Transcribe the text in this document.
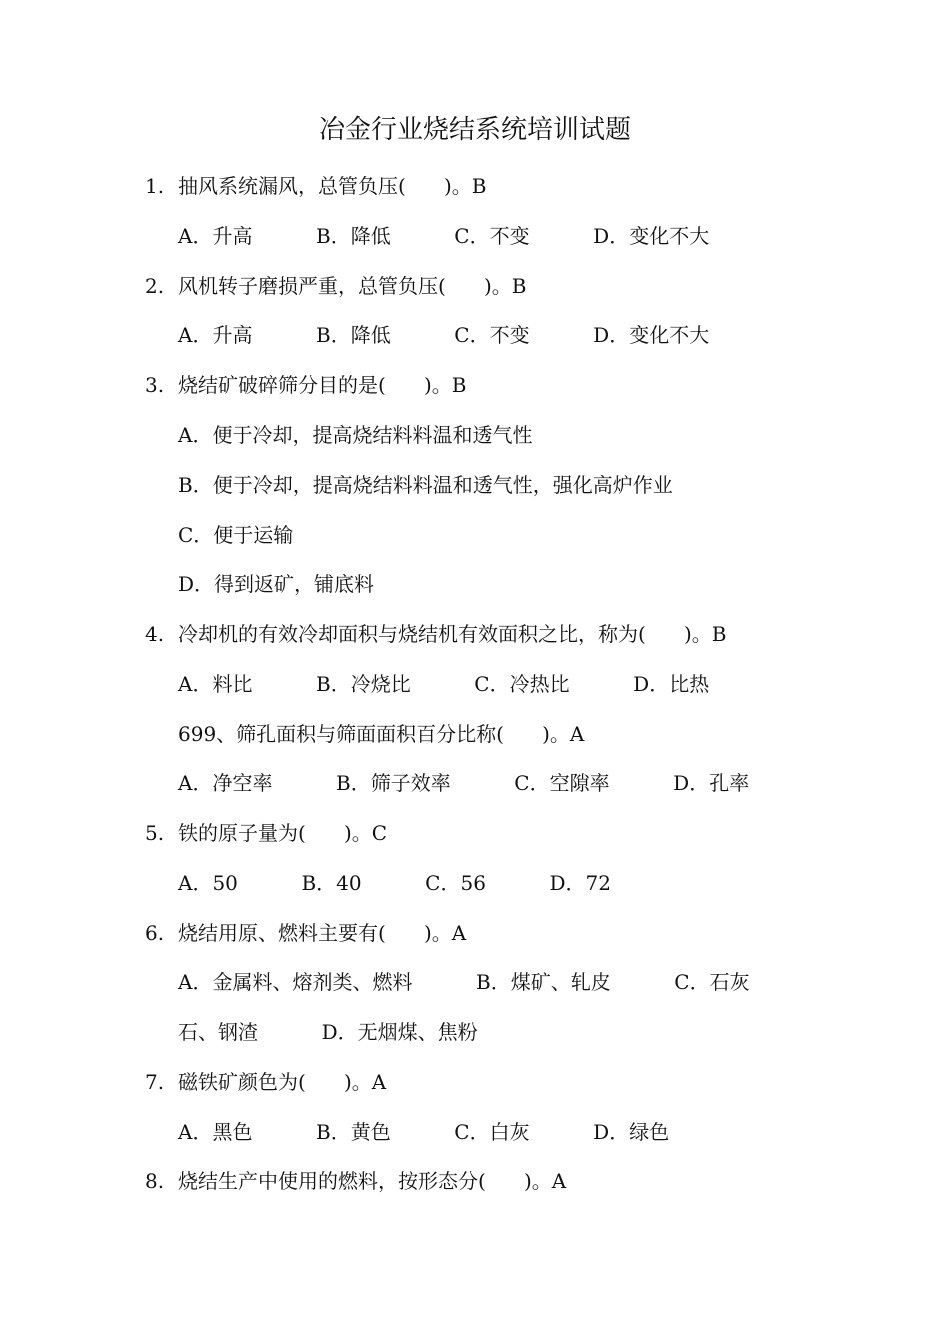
冶金行业烧结系统培训试题
1. 抽风系统漏风，总管负压(      )。B
A．升高          B．降低          C．不变          D．变化不大
2. 风机转子磨损严重，总管负压(      )。B
A．升高          B．降低          C．不变          D．变化不大
3. 烧结矿破碎筛分目的是(      )。B
A．便于冷却，提高烧结料料温和透气性
B．便于冷却，提高烧结料料温和透气性，强化高炉作业
C．便于运输
D．得到返矿，铺底料
4. 冷却机的有效冷却面积与烧结机有效面积之比，称为(      )。B
A．料比          B．冷烧比          C．冷热比          D．比热
699、筛孔面积与筛面面积百分比称(      )。A
A．净空率          B．筛子效率          C．空隙率          D．孔率
5. 铁的原子量为(      )。C
A．50          B．40          C．56          D．72
6. 烧结用原、燃料主要有(      )。A
A．金属料、熔剂类、燃料          B．煤矿、轧皮          C．石灰
石、钢渣          D．无烟煤、焦粉
7. 磁铁矿颜色为(      )。A
A．黑色          B．黄色          C．白灰          D．绿色
8. 烧结生产中使用的燃料，按形态分(      )。A
